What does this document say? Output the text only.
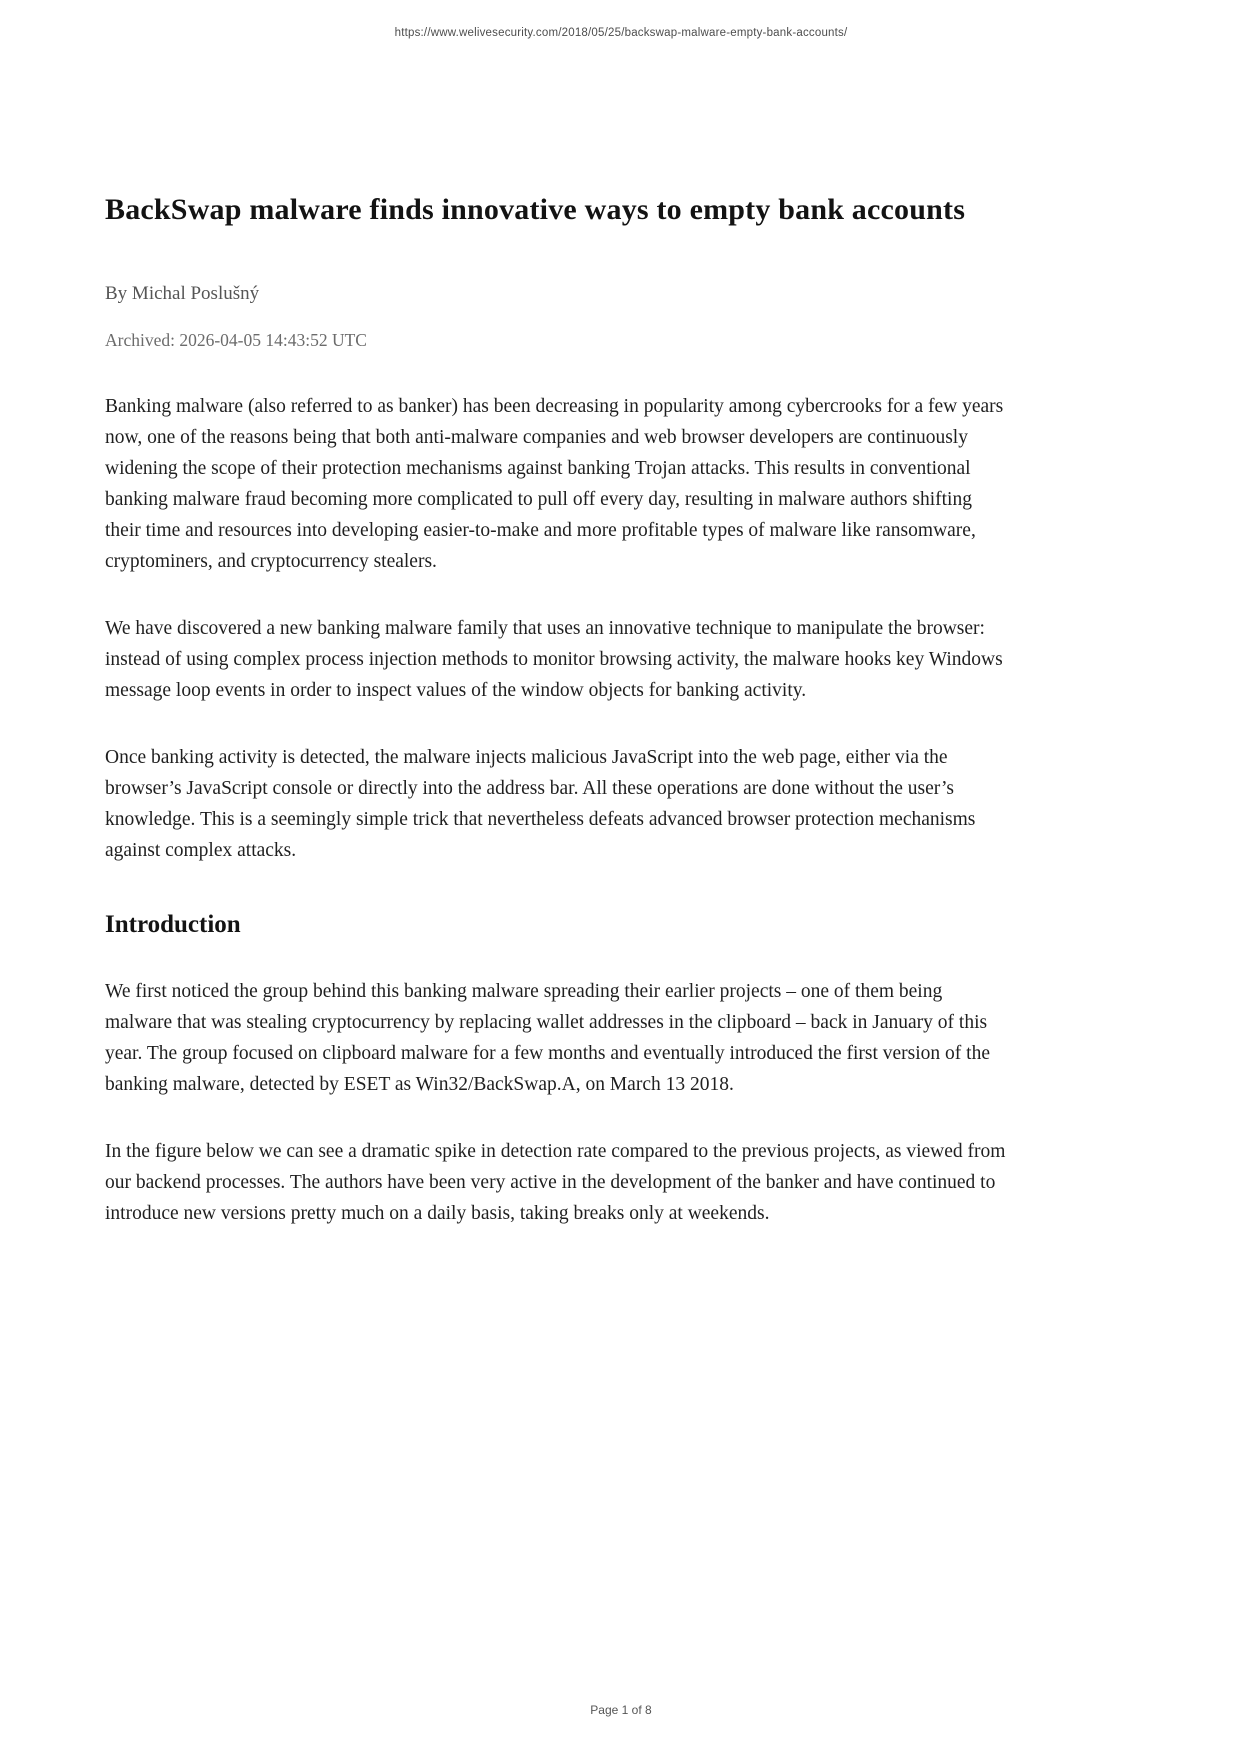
https://www.welivesecurity.com/2018/05/25/backswap-malware-empty-bank-accounts/
BackSwap malware finds innovative ways to empty bank accounts
By Michal Poslušný
Archived: 2026-04-05 14:43:52 UTC

Banking malware (also referred to as banker) has been decreasing in popularity among cybercrooks for a few years now, one of the reasons being that both anti-malware companies and web browser developers are continuously widening the scope of their protection mechanisms against banking Trojan attacks. This results in conventional banking malware fraud becoming more complicated to pull off every day, resulting in malware authors shifting their time and resources into developing easier-to-make and more profitable types of malware like ransomware, cryptominers, and cryptocurrency stealers.

We have discovered a new banking malware family that uses an innovative technique to manipulate the browser: instead of using complex process injection methods to monitor browsing activity, the malware hooks key Windows message loop events in order to inspect values of the window objects for banking activity.

Once banking activity is detected, the malware injects malicious JavaScript into the web page, either via the browser’s JavaScript console or directly into the address bar. All these operations are done without the user’s knowledge. This is a seemingly simple trick that nevertheless defeats advanced browser protection mechanisms against complex attacks.

Introduction

We first noticed the group behind this banking malware spreading their earlier projects – one of them being malware that was stealing cryptocurrency by replacing wallet addresses in the clipboard – back in January of this year. The group focused on clipboard malware for a few months and eventually introduced the first version of the banking malware, detected by ESET as Win32/BackSwap.A, on March 13 2018.

In the figure below we can see a dramatic spike in detection rate compared to the previous projects, as viewed from our backend processes. The authors have been very active in the development of the banker and have continued to introduce new versions pretty much on a daily basis, taking breaks only at weekends.

Page 1 of 8
